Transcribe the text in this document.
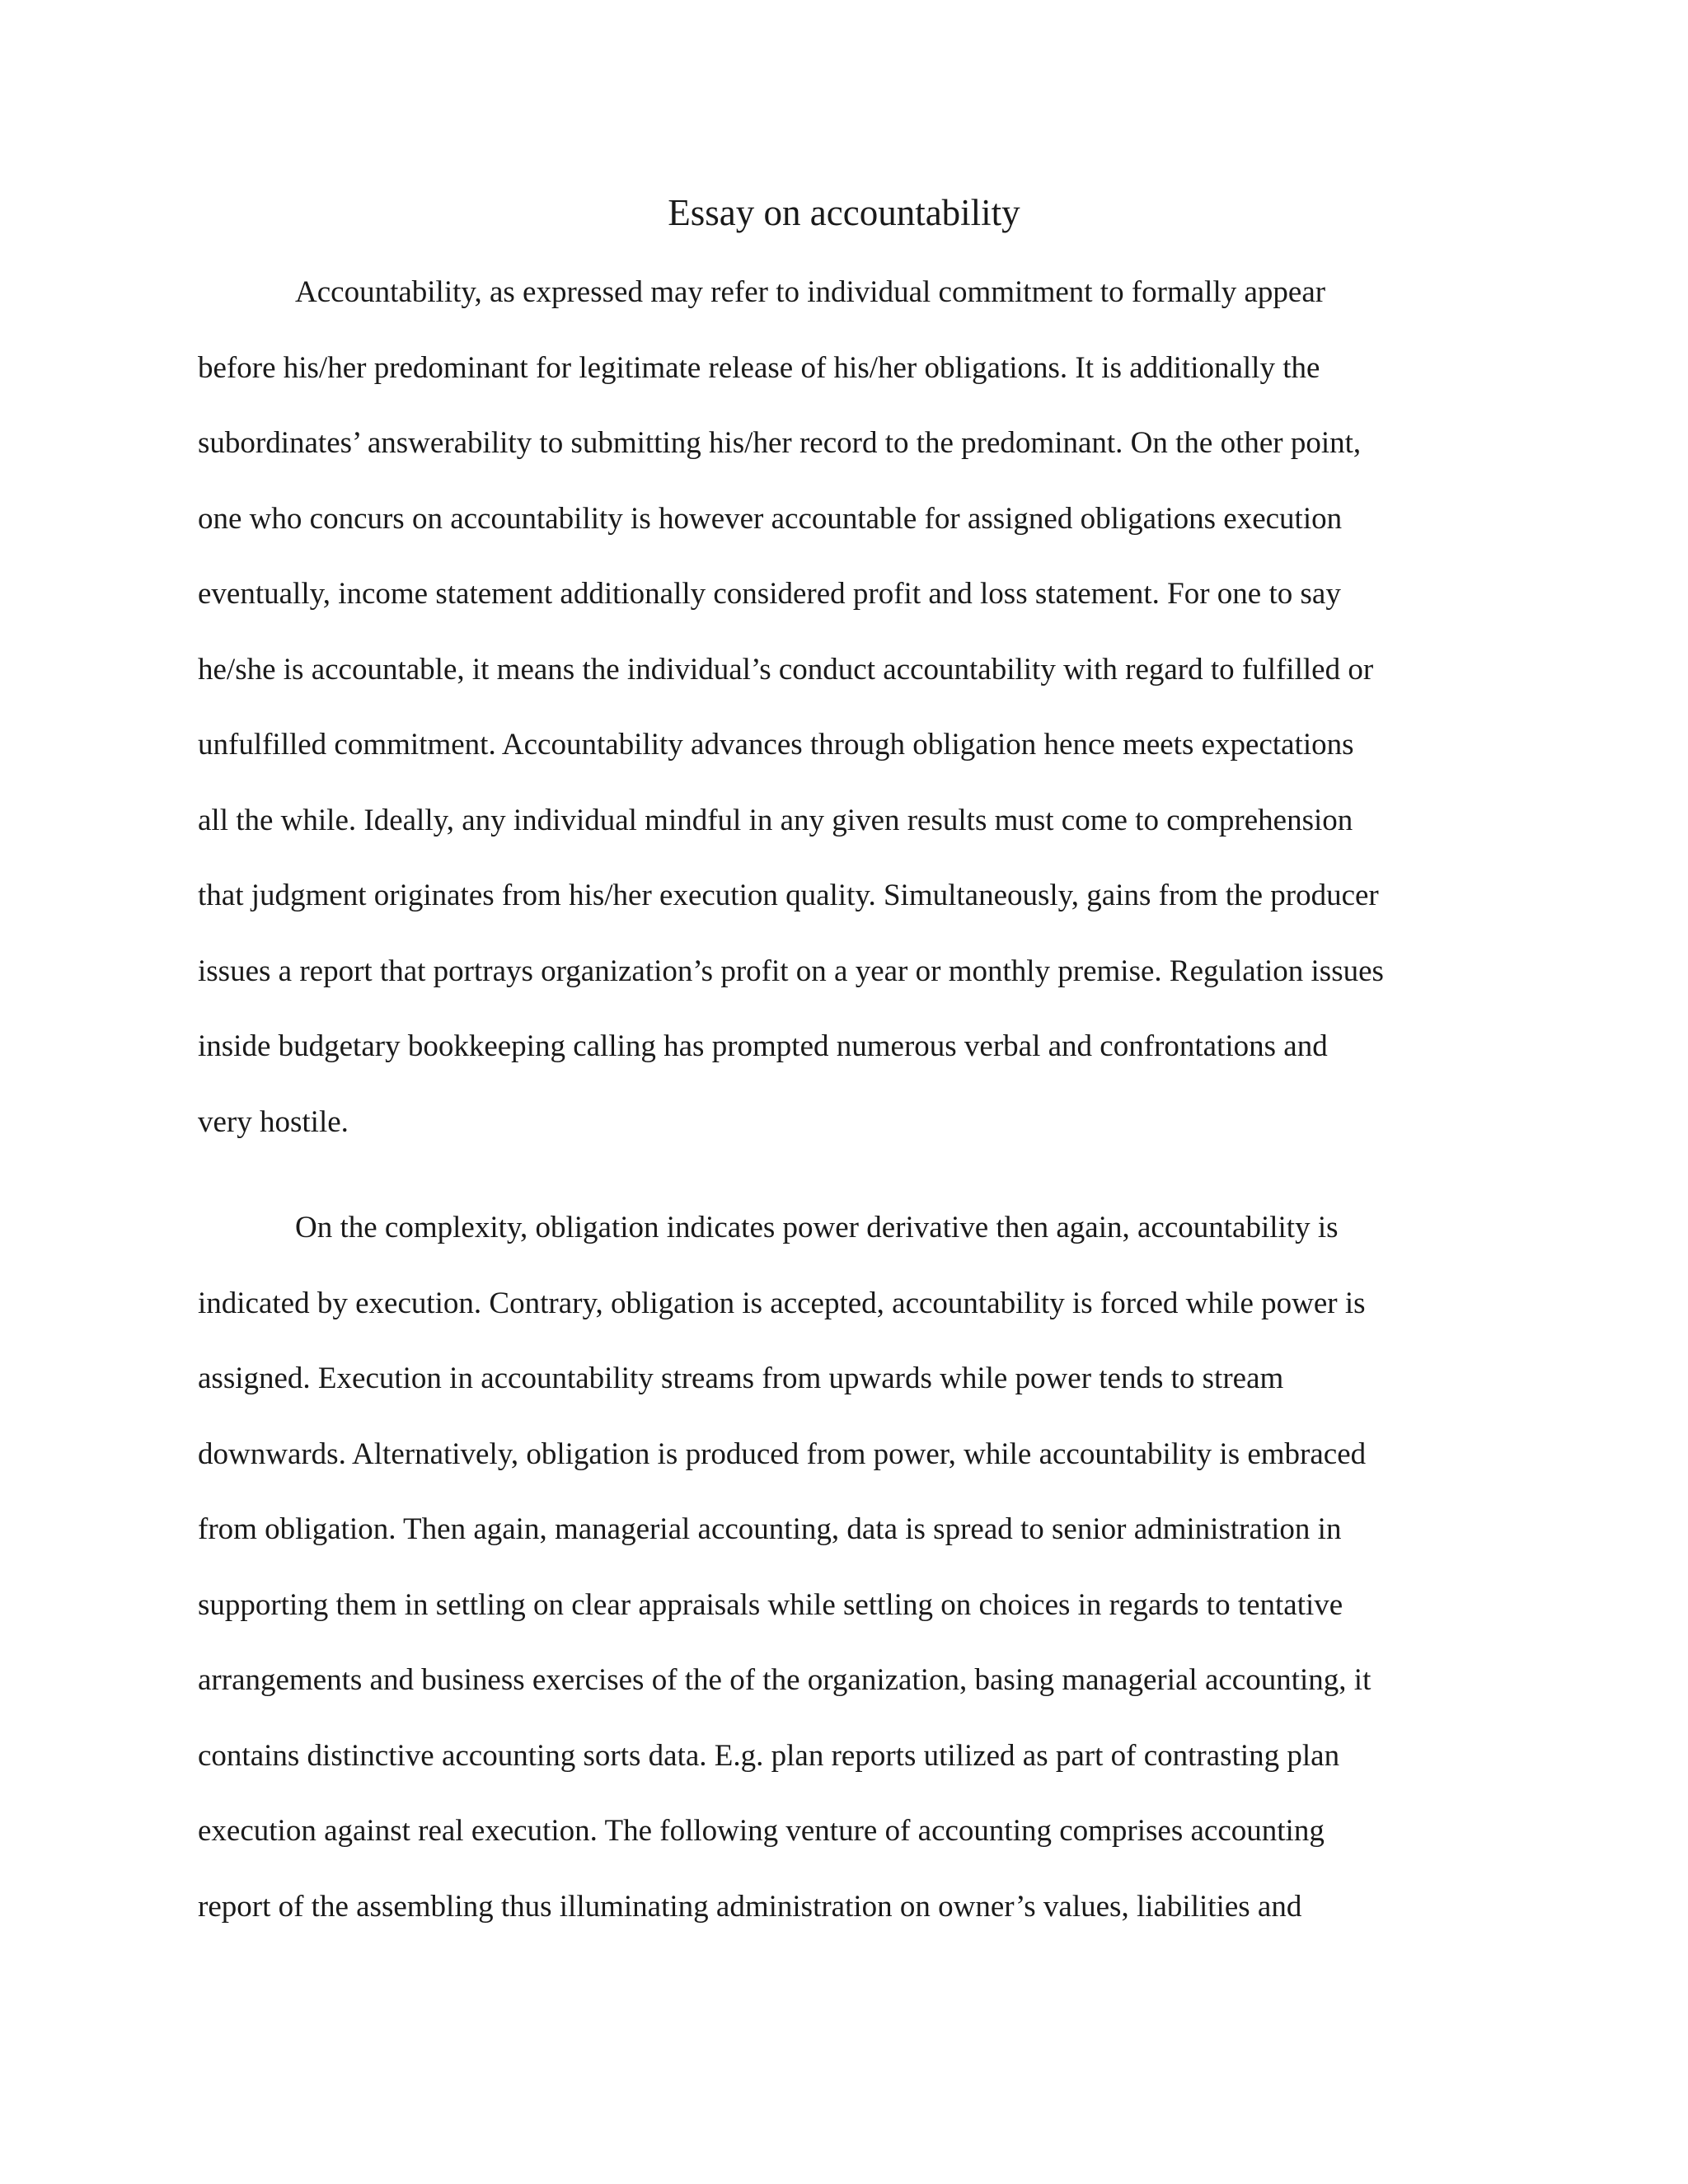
Essay on accountability
Accountability, as expressed may refer to individual commitment to formally appear
before his/her predominant for legitimate release of his/her obligations. It is additionally the
subordinates’ answerability to submitting his/her record to the predominant. On the other point,
one who concurs on accountability is however accountable for assigned obligations execution
eventually, income statement additionally considered profit and loss statement. For one to say
he/she is accountable, it means the individual’s conduct accountability with regard to fulfilled or
unfulfilled commitment. Accountability advances through obligation hence meets expectations
all the while. Ideally, any individual mindful in any given results must come to comprehension
that judgment originates from his/her execution quality. Simultaneously, gains from the producer
issues a report that portrays organization’s profit on a year or monthly premise. Regulation issues
inside budgetary bookkeeping calling has prompted numerous verbal and confrontations and
very hostile.
On the complexity, obligation indicates power derivative then again, accountability is
indicated by execution. Contrary, obligation is accepted, accountability is forced while power is
assigned. Execution in accountability streams from upwards while power tends to stream
downwards. Alternatively, obligation is produced from power, while accountability is embraced
from obligation. Then again, managerial accounting, data is spread to senior administration in
supporting them in settling on clear appraisals while settling on choices in regards to tentative
arrangements and business exercises of the of the organization, basing managerial accounting, it
contains distinctive accounting sorts data. E.g. plan reports utilized as part of contrasting plan
execution against real execution. The following venture of accounting comprises accounting
report of the assembling thus illuminating administration on owner’s values, liabilities and
